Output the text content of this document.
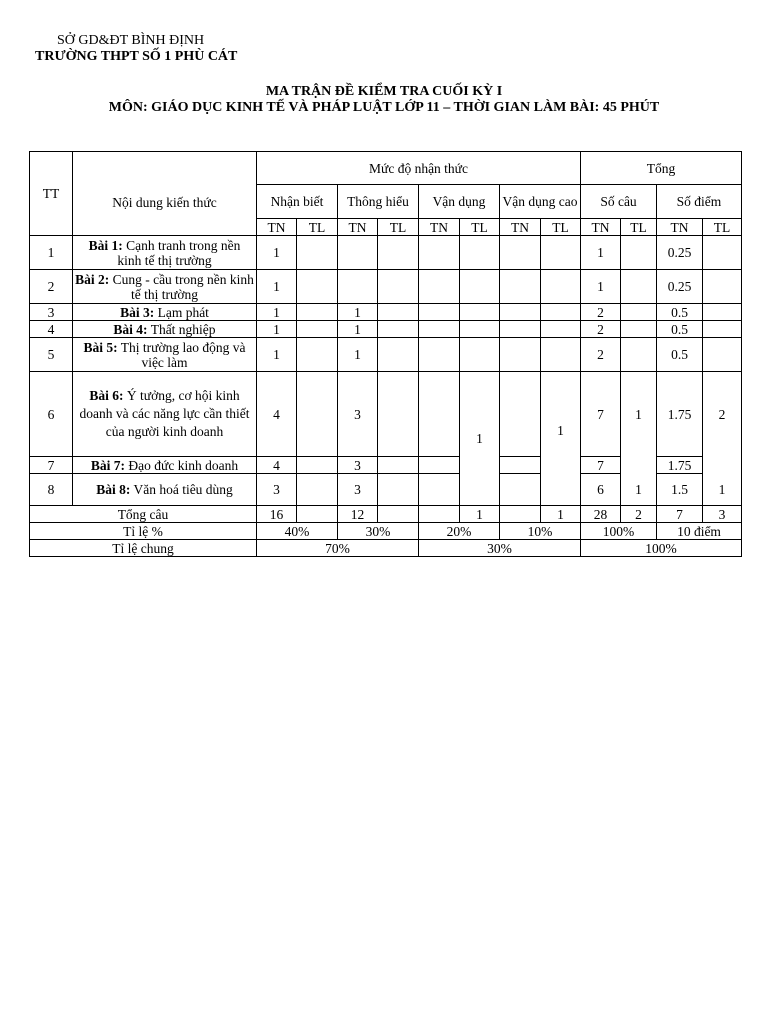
SỞ GD&ĐT BÌNH ĐỊNH
TRƯỜNG THPT SỐ 1 PHÙ CÁT
MA TRẬN ĐỀ KIỂM TRA CUỐI KỲ I
MÔN: GIÁO DỤC KINH TẾ VÀ PHÁP LUẬT LỚP 11 – THỜI GIAN LÀM BÀI: 45 PHÚT
TT	Nội dung kiến thức	Mức độ nhận thức								Tổng			
		Nhận biết		Thông hiểu		Vận dụng		Vận dụng cao		Số câu		Số điểm	
		TN	TL	TN	TL	TN	TL	TN	TL	TN	TL	TN	TL
1	Bài 1: Cạnh tranh trong nền kinh tế thị trường	1								1		0.25	
2	Bài 2: Cung - cầu trong nền kinh tế thị trường	1								1		0.25	
3	Bài 3: Lạm phát	1		1						2		0.5	
4	Bài 4: Thất nghiệp	1		1						2		0.5	
5	Bài 5: Thị trường lao động và việc làm	1		1						2		0.5	
6	Bài 6: Ý tưởng, cơ hội kinh doanh và các năng lực cần thiết của người kinh doanh	4		3			1		1	7	1	1.75	2
7	Bài 7: Đạo đức kinh doanh	4		3						7		1.75	
8	Bài 8: Văn hoá tiêu dùng	3		3						6	1	1.5	1
Tổng câu		16		12			1		1	28	2	7	3
Tỉ lệ %		40%		30%		20%		10%		100%		10 điểm	
Tỉ lệ chung		70%				30%				100%			
